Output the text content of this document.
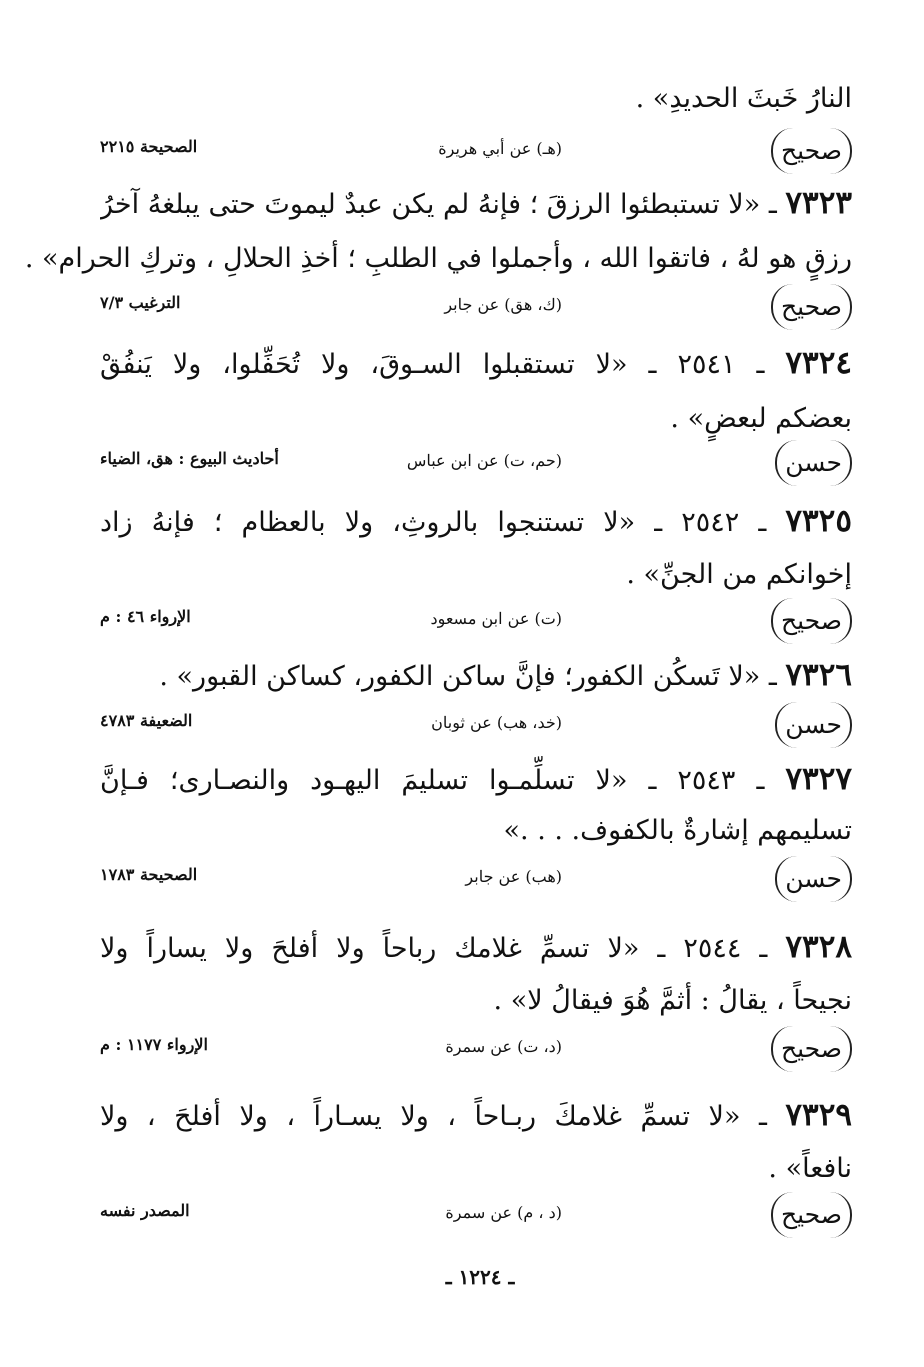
النارُ خَبثَ الحديدِ» .
صحيح
(هـ) عن أبي هريرة
الصحيحة ٢٢١٥
٧٣٢٣ ـ «لا تستبطئوا الرزقَ ؛ فإنهُ لم يكن عبدٌ ليموتَ حتى يبلغهُ آخرُ
رزقٍ هو لهُ ، فاتقوا الله ، وأجملوا في الطلبِ ؛ أخذِ الحلالِ ، وتركِ الحرام» .
صحيح
(ك، هق) عن جابر
الترغيب ٧/٣
٧٣٢٤ ـ ٢٥٤١ ـ «لا تستقبلوا السـوقَ، ولا تُحَفِّلوا، ولا يَنفُقْ
بعضكم لبعضٍ» .
حسن
(حم، ت) عن ابن عباس
أحاديث البيوع : هق، الضياء
٧٣٢٥ ـ ٢٥٤٢ ـ «لا تستنجوا بالروثِ، ولا بالعظام ؛ فإنهُ زاد
إخوانكم من الجنِّ» .
صحيح
(ت) عن ابن مسعود
الإرواء ٤٦ : م
٧٣٢٦ ـ «لا تَسكُن الكفور؛ فإنَّ ساكن الكفور، كساكن القبور» .
حسن
(خد، هب) عن ثوبان
الضعيفة ٤٧٨٣
٧٣٢٧ ـ ٢٥٤٣ ـ «لا تسلِّمـوا تسليمَ اليهـود والنصـارى؛ فـإنَّ
تسليمهم إشارةٌ بالكفوف. . . .»
حسن
(هب) عن جابر
الصحيحة ١٧٨٣
٧٣٢٨ ـ ٢٥٤٤ ـ «لا تسمِّ غلامك رباحاً ولا أفلحَ ولا يساراً ولا
نجيحاً ، يقالُ : أثمَّ هُوَ فيقالُ لا» .
صحيح
(د، ت) عن سمرة
الإرواء ١١٧٧ : م
٧٣٢٩ ـ «لا تسمِّ غلامكَ ربـاحاً ، ولا يسـاراً ، ولا أفلحَ ، ولا
نافعاً» .
صحيح
(د ، م) عن سمرة
المصدر نفسه
ـ ١٢٢٤ ـ
